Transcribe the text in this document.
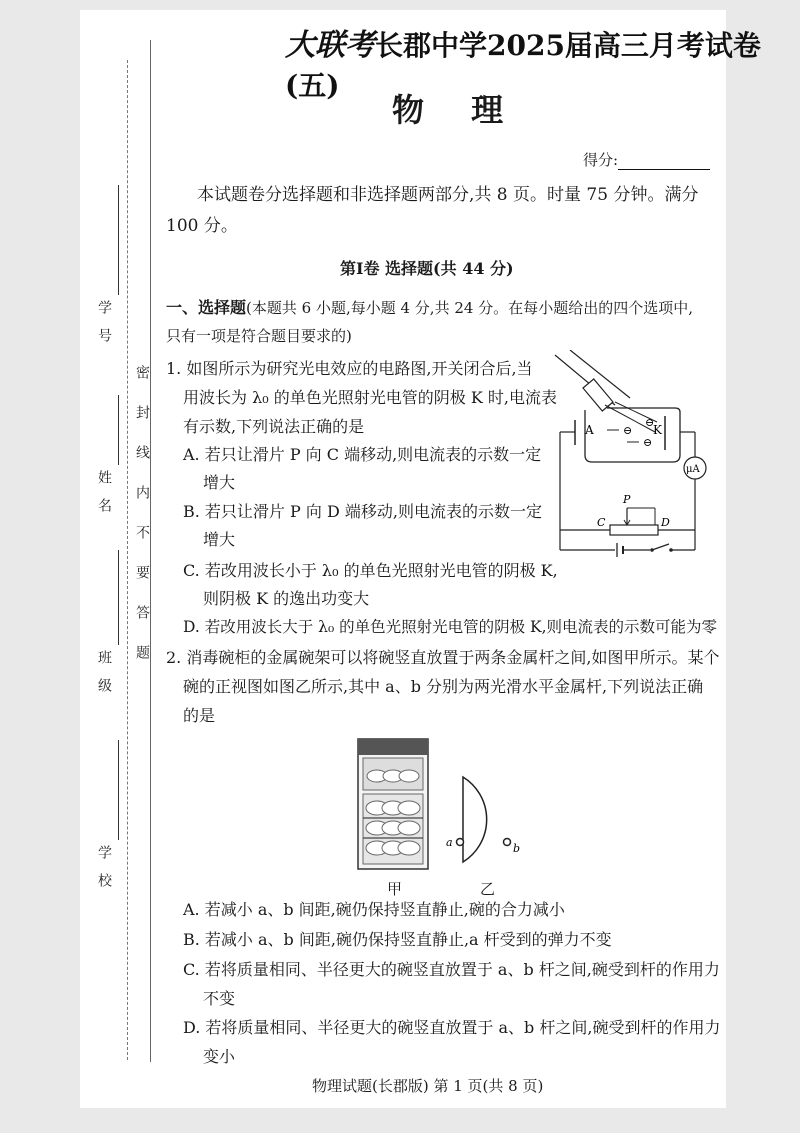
密封线内不要答题
学号
姓名
班级
学校
大联考长郡中学2025届高三月考试卷(五)
物 理
得分:
本试题卷分选择题和非选择题两部分,共 8 页。时量 75 分钟。满分
100 分。
第Ⅰ卷 选择题(共 44 分)
一、选择题(本题共 6 小题,每小题 4 分,共 24 分。在每小题给出的四个选项中,
只有一项是符合题目要求的)
1. 如图所示为研究光电效应的电路图,开关闭合后,当
用波长为 λ₀ 的单色光照射光电管的阴极 K 时,电流表
有示数,下列说法正确的是
A. 若只让滑片 P 向 C 端移动,则电流表的示数一定
增大
B. 若只让滑片 P 向 D 端移动,则电流表的示数一定
增大
C. 若改用波长小于 λ₀ 的单色光照射光电管的阴极 K,
则阴极 K 的逸出功变大
D. 若改用波长大于 λ₀ 的单色光照射光电管的阴极 K,则电流表的示数可能为零
A	K
⊖
⊖
⊖
μA
P
C	D
2. 消毒碗柜的金属碗架可以将碗竖直放置于两条金属杆之间,如图甲所示。某个
碗的正视图如图乙所示,其中 a、b 分别为两光滑水平金属杆,下列说法正确
的是
甲
a	b
乙
A. 若减小 a、b 间距,碗仍保持竖直静止,碗的合力减小
B. 若减小 a、b 间距,碗仍保持竖直静止,a 杆受到的弹力不变
C. 若将质量相同、半径更大的碗竖直放置于 a、b 杆之间,碗受到杆的作用力
不变
D. 若将质量相同、半径更大的碗竖直放置于 a、b 杆之间,碗受到杆的作用力
变小
物理试题(长郡版) 第 1 页(共 8 页)
